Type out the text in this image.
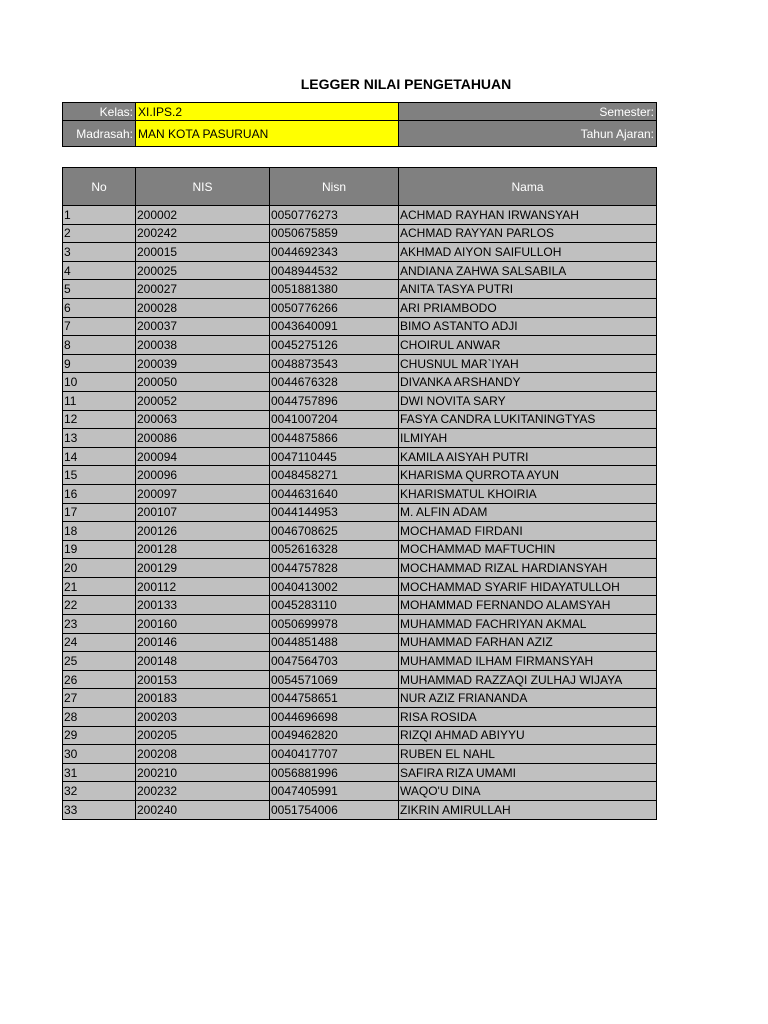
LEGGER NILAI PENGETAHUAN
Kelas:	XI.IPS.2	Semester:
Madrasah:	MAN KOTA PASURUAN	Tahun Ajaran:
No	NIS	Nisn	Nama
1	200002	0050776273	ACHMAD RAYHAN IRWANSYAH
2	200242	0050675859	ACHMAD RAYYAN PARLOS
3	200015	0044692343	AKHMAD AIYON SAIFULLOH
4	200025	0048944532	ANDIANA ZAHWA SALSABILA
5	200027	0051881380	ANITA TASYA PUTRI
6	200028	0050776266	ARI PRIAMBODO
7	200037	0043640091	BIMO ASTANTO ADJI
8	200038	0045275126	CHOIRUL ANWAR
9	200039	0048873543	CHUSNUL MAR`IYAH
10	200050	0044676328	DIVANKA ARSHANDY
11	200052	0044757896	DWI NOVITA SARY
12	200063	0041007204	FASYA CANDRA LUKITANINGTYAS
13	200086	0044875866	ILMIYAH
14	200094	0047110445	KAMILA AISYAH PUTRI
15	200096	0048458271	KHARISMA QURROTA AYUN
16	200097	0044631640	KHARISMATUL KHOIRIA
17	200107	0044144953	M. ALFIN ADAM
18	200126	0046708625	MOCHAMAD FIRDANI
19	200128	0052616328	MOCHAMMAD MAFTUCHIN
20	200129	0044757828	MOCHAMMAD RIZAL HARDIANSYAH
21	200112	0040413002	MOCHAMMAD SYARIF HIDAYATULLOH
22	200133	0045283110	MOHAMMAD FERNANDO ALAMSYAH
23	200160	0050699978	MUHAMMAD FACHRIYAN AKMAL
24	200146	0044851488	MUHAMMAD FARHAN AZIZ
25	200148	0047564703	MUHAMMAD ILHAM FIRMANSYAH
26	200153	0054571069	MUHAMMAD RAZZAQI ZULHAJ WIJAYA
27	200183	0044758651	NUR AZIZ FRIANANDA
28	200203	0044696698	RISA ROSIDA
29	200205	0049462820	RIZQI AHMAD ABIYYU
30	200208	0040417707	RUBEN EL NAHL
31	200210	0056881996	SAFIRA RIZA UMAMI
32	200232	0047405991	WAQO'U DINA
33	200240	0051754006	ZIKRIN AMIRULLAH
